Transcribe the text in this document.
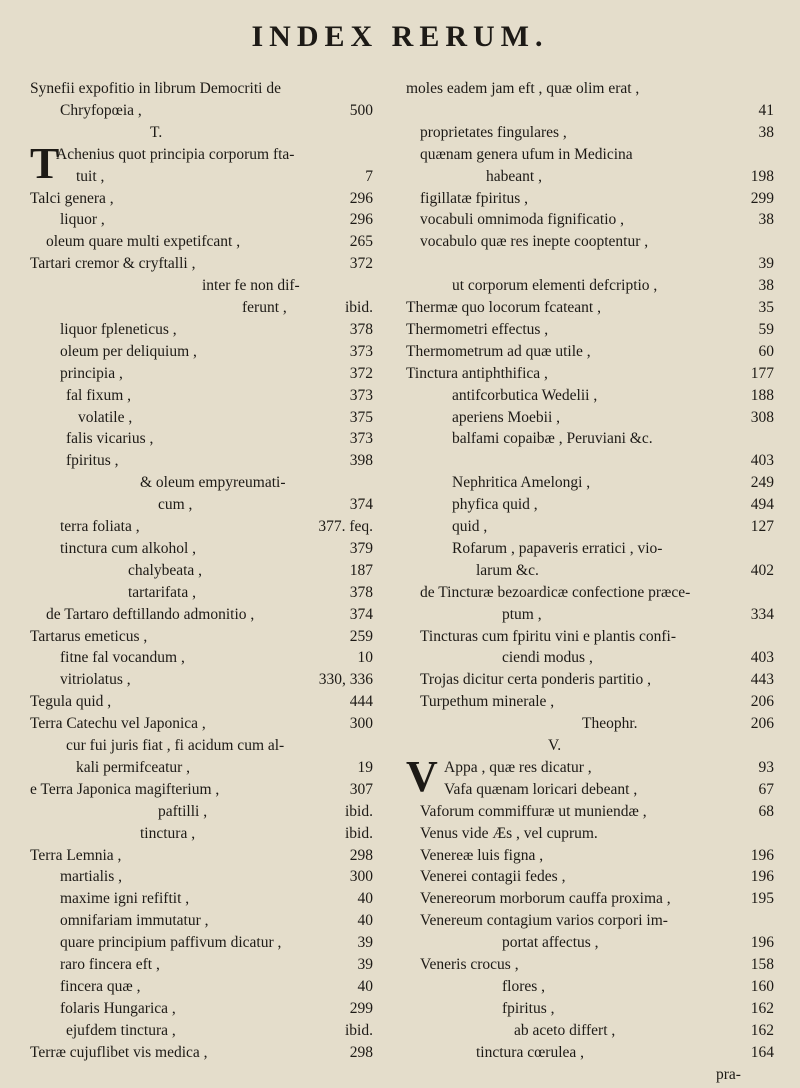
INDEX RERUM.
Synefii expofitio in librum Democriti de
Chryfopœia ,	500
T.
T
Achenius quot principia corporum fta-
tuit ,	7
Talci genera ,	296
liquor ,	296
oleum quare multi expetifcant ,	265
Tartari cremor & cryftalli ,	372
inter fe non dif-
ferunt ,	ibid.
liquor fpleneticus ,	378
oleum per deliquium ,	373
principia ,	372
fal fixum ,	373
volatile ,	375
falis vicarius ,	373
fpiritus ,	398
& oleum empyreumati-
cum ,	374
terra foliata ,	377. feq.
tinctura cum alkohol ,	379
chalybeata ,	187
tartarifata ,	378
de Tartaro deftillando admonitio ,	374
Tartarus emeticus ,	259
fitne fal vocandum ,	10
vitriolatus ,	330, 336
Tegula quid ,	444
Terra Catechu vel Japonica ,	300
cur fui juris fiat , fi acidum cum al-
kali permifceatur ,	19
e Terra Japonica magifterium ,	307
paftilli ,	ibid.
tinctura ,	ibid.
Terra Lemnia ,	298
martialis ,	300
maxime igni refiftit ,	40
omnifariam immutatur ,	40
quare principium paffivum dicatur ,	39
raro fincera eft ,	39
fincera quæ ,	40
folaris Hungarica ,	299
ejufdem tinctura ,	ibid.
Terræ cujuflibet vis medica ,	298
moles eadem jam eft , quæ olim erat ,
41
proprietates fingulares ,	38
quænam genera ufum in Medicina
habeant ,	198
figillatæ fpiritus ,	299
vocabuli omnimoda fignificatio ,	38
vocabulo quæ res inepte cooptentur ,
39
ut corporum elementi defcriptio ,	38
Thermæ quo locorum fcateant ,	35
Thermometri effectus ,	59
Thermometrum ad quæ utile ,	60
Tinctura antiphthifica ,	177
antifcorbutica Wedelii ,	188
aperiens Moebii ,	308
balfami copaibæ , Peruviani &c.
403
Nephritica Amelongi ,	249
phyfica quid ,	494
quid ,	127
Rofarum , papaveris erratici , vio-
larum &c.	402
de Tincturæ bezoardicæ confectione præce-
ptum ,	334
Tincturas cum fpiritu vini e plantis confi-
ciendi modus ,	403
Trojas dicitur certa ponderis partitio ,	443
Turpethum minerale ,	206
Theophr.	206
V.
V Appa , quæ res dicatur ,	93
Vafa quænam loricari debeant ,	67
Vaforum commiffuræ ut muniendæ ,	68
Venus vide Æs , vel cuprum.
Venereæ luis figna ,	196
Venerei contagii fedes ,	196
Venereorum morborum cauffa proxima ,	195
Venereum contagium varios corpori im-
portat affectus ,	196
Veneris crocus ,	158
flores ,	160
fpiritus ,	162
ab aceto differt ,	162
tinctura cœrulea ,	164
pra-
